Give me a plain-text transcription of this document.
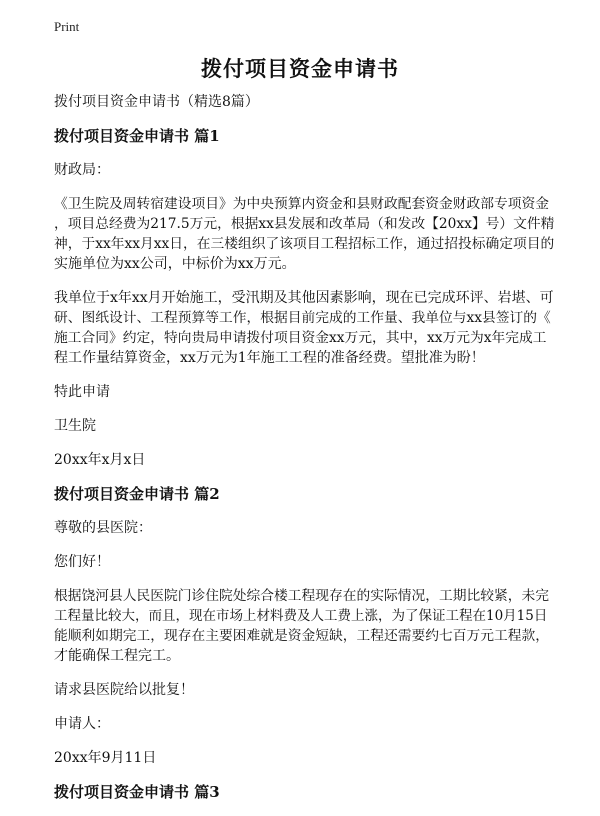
Print
拨付项目资金申请书

拨付项目资金申请书（精选8篇）

拨付项目资金申请书 篇1

财政局：

《卫生院及周转宿建设项目》为中央预算内资金和县财政配套资金财政部专项资金
，项目总经费为217.5万元，根据xx县发展和改革局（和发改【20xx】号）文件精
神，于xx年xx月xx日，在三楼组织了该项目工程招标工作，通过招投标确定项目的
实施单位为xx公司，中标价为xx万元。

我单位于x年xx月开始施工，受汛期及其他因素影响，现在已完成环评、岩堪、可
研、图纸设计、工程预算等工作，根据目前完成的工作量、我单位与xx县签订的《
施工合同》约定，特向贵局申请拨付项目资金xx万元，其中，xx万元为x年完成工
程工作量结算资金，xx万元为1年施工工程的准备经费。望批准为盼！

特此申请

卫生院

20xx年x月x日

拨付项目资金申请书 篇2

尊敬的县医院：

您们好！

根据饶河县人民医院门诊住院处综合楼工程现存在的实际情况，工期比较紧，未完
工程量比较大，而且，现在市场上材料费及人工费上涨，为了保证工程在10月15日
能顺利如期完工，现存在主要困难就是资金短缺，工程还需要约七百万元工程款，
才能确保工程完工。

请求县医院给以批复！

申请人：

20xx年9月11日

拨付项目资金申请书 篇3
